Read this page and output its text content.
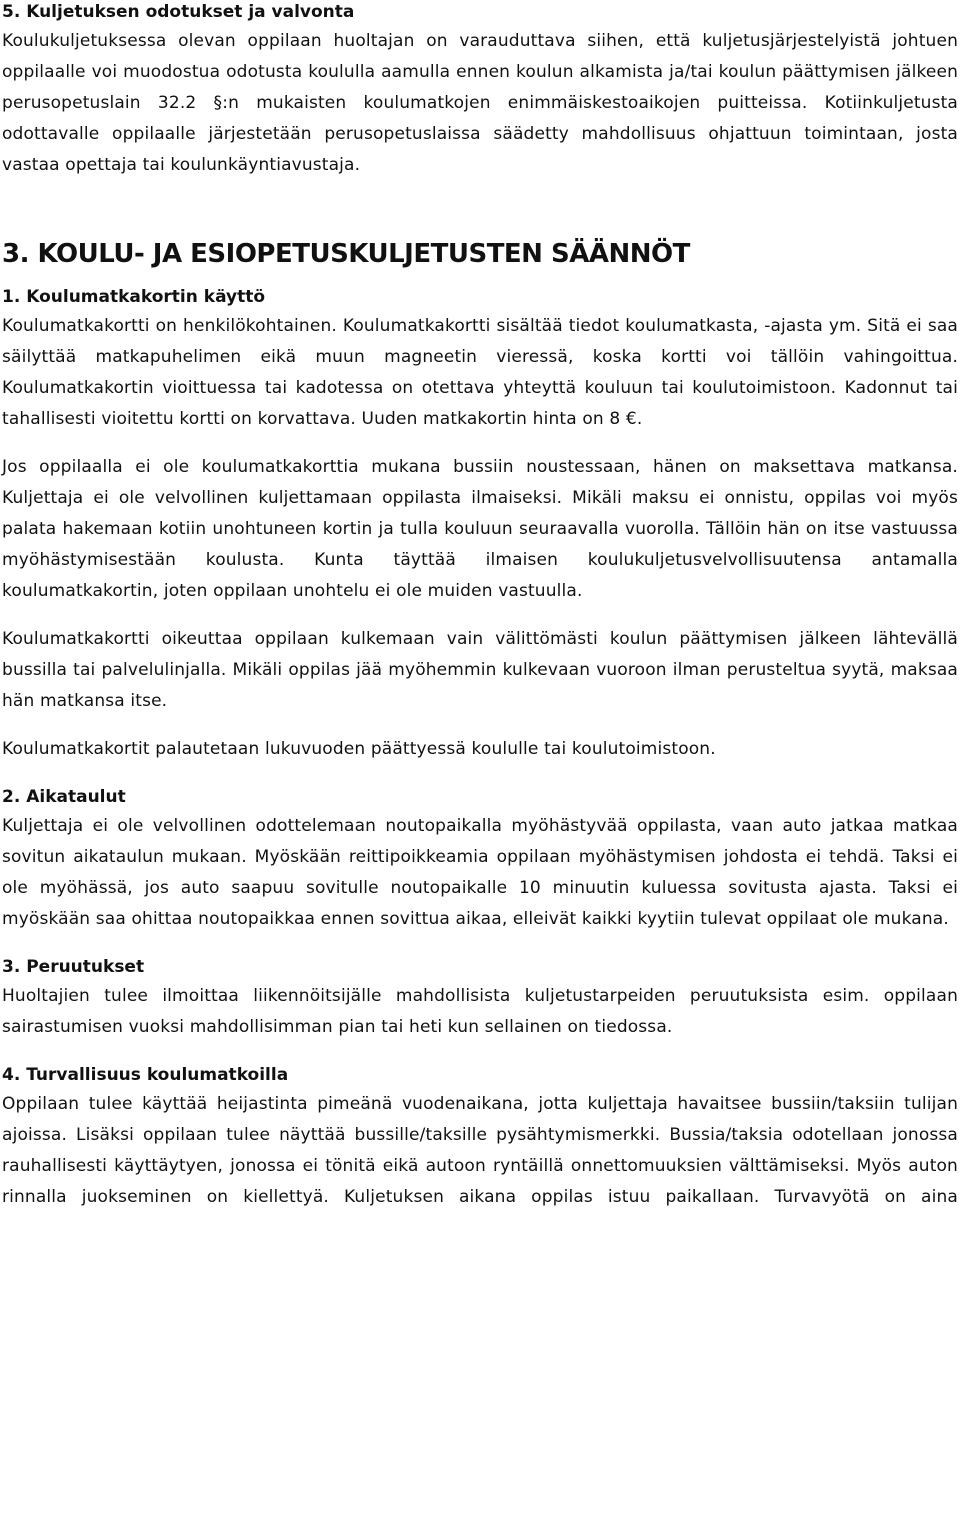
5. Kuljetuksen odotukset ja valvonta

Koulukuljetuksessa olevan oppilaan huoltajan on varauduttava siihen, että kuljetusjärjestelyistä johtuen oppilaalle voi muodostua odotusta koululla aamulla ennen koulun alkamista ja/tai koulun päättymisen jälkeen perusopetuslain 32.2 §:n mukaisten koulumatkojen enimmäiskestoaikojen puitteissa. Kotiinkuljetusta odottavalle oppilaalle järjestetään perusopetuslaissa säädetty mahdollisuus ohjattuun toimintaan, josta vastaa opettaja tai koulunkäyntiavustaja.

3. KOULU- JA ESIOPETUSKULJETUSTEN SÄÄNNÖT
1. Koulumatkakortin käyttö

Koulumatkakortti on henkilökohtainen. Koulumatkakortti sisältää tiedot koulumatkasta, -ajasta ym. Sitä ei saa säilyttää matkapuhelimen eikä muun magneetin vieressä, koska kortti voi tällöin vahingoittua. Koulumatkakortin vioittuessa tai kadotessa on otettava yhteyttä kouluun tai koulutoimistoon. Kadonnut tai tahallisesti vioitettu kortti on korvattava. Uuden matkakortin hinta on 8 €.

Jos oppilaalla ei ole koulumatkakorttia mukana bussiin noustessaan, hänen on maksettava matkansa. Kuljettaja ei ole velvollinen kuljettamaan oppilasta ilmaiseksi. Mikäli maksu ei onnistu, oppilas voi myös palata hakemaan kotiin unohtuneen kortin ja tulla kouluun seuraavalla vuorolla. Tällöin hän on itse vastuussa myöhästymisestään koulusta. Kunta täyttää ilmaisen koulukuljetusvelvollisuutensa antamalla koulumatkakortin, joten oppilaan unohtelu ei ole muiden vastuulla.

Koulumatkakortti oikeuttaa oppilaan kulkemaan vain välittömästi koulun päättymisen jälkeen lähtevällä bussilla tai palvelulinjalla. Mikäli oppilas jää myöhemmin kulkevaan vuoroon ilman perusteltua syytä, maksaa hän matkansa itse.

Koulumatkakortit palautetaan lukuvuoden päättyessä koululle tai koulutoimistoon.

2. Aikataulut

Kuljettaja ei ole velvollinen odottelemaan noutopaikalla myöhästyvää oppilasta, vaan auto jatkaa matkaa sovitun aikataulun mukaan. Myöskään reittipoikkeamia oppilaan myöhästymisen johdosta ei tehdä. Taksi ei ole myöhässä, jos auto saapuu sovitulle noutopaikalle 10 minuutin kuluessa sovitusta ajasta. Taksi ei myöskään saa ohittaa noutopaikkaa ennen sovittua aikaa, elleivät kaikki kyytiin tulevat oppilaat ole mukana.

3. Peruutukset

Huoltajien tulee ilmoittaa liikennöitsijälle mahdollisista kuljetustarpeiden peruutuksista esim. oppilaan sairastumisen vuoksi mahdollisimman pian tai heti kun sellainen on tiedossa.

4. Turvallisuus koulumatkoilla

Oppilaan tulee käyttää heijastinta pimeänä vuodenaikana, jotta kuljettaja havaitsee bussiin/taksiin tulijan ajoissa. Lisäksi oppilaan tulee näyttää bussille/taksille pysähtymismerkki. Bussia/taksia odotellaan jonossa rauhallisesti käyttäytyen, jonossa ei tönitä eikä autoon ryntäillä onnettomuuksien välttämiseksi. Myös auton rinnalla juokseminen on kiellettyä. Kuljetuksen aikana oppilas istuu paikallaan. Turvavyötä on aina
